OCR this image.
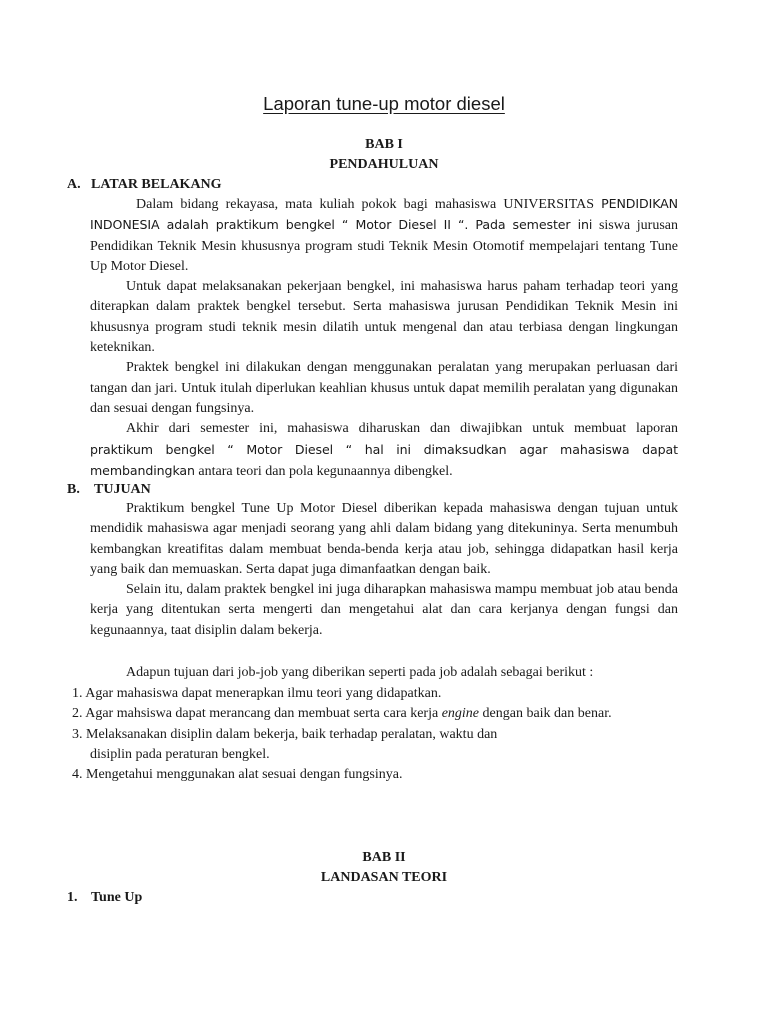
Laporan tune-up motor diesel
BAB I
PENDAHULUAN
A. LATAR BELAKANG

Dalam bidang rekayasa, mata kuliah pokok bagi mahasiswa UNIVERSITAS PENDIDIKAN INDONESIA adalah praktikum bengkel “ Motor Diesel II “. Pada semester ini siswa jurusan Pendidikan Teknik Mesin khususnya program studi Teknik Mesin Otomotif mempelajari tentang Tune Up Motor Diesel.

Untuk dapat melaksanakan pekerjaan bengkel, ini mahasiswa harus paham terhadap teori yang diterapkan dalam praktek bengkel tersebut. Serta mahasiswa jurusan Pendidikan Teknik Mesin ini khususnya program studi teknik mesin dilatih untuk mengenal dan atau terbiasa dengan lingkungan keteknikan.

Praktek bengkel ini dilakukan dengan menggunakan peralatan yang merupakan perluasan dari tangan dan jari. Untuk itulah diperlukan keahlian khusus untuk dapat memilih peralatan yang digunakan dan sesuai dengan fungsinya.

Akhir dari semester ini, mahasiswa diharuskan dan diwajibkan untuk membuat laporan praktikum bengkel “ Motor Diesel “ hal ini dimaksudkan agar mahasiswa dapat membandingkan antara teori dan pola kegunaannya dibengkel.

B. TUJUAN

Praktikum bengkel Tune Up Motor Diesel diberikan kepada mahasiswa dengan tujuan untuk mendidik mahasiswa agar menjadi seorang yang ahli dalam bidang yang ditekuninya. Serta menumbuh kembangkan kreatifitas dalam membuat benda-benda kerja atau job, sehingga didapatkan hasil kerja yang baik dan memuaskan. Serta dapat juga dimanfaatkan dengan baik.

Selain itu, dalam praktek bengkel ini juga diharapkan mahasiswa mampu membuat job atau benda kerja yang ditentukan serta mengerti dan mengetahui alat dan cara kerjanya dengan fungsi dan kegunaannya, taat disiplin dalam bekerja.

Adapun tujuan dari job-job yang diberikan seperti pada job adalah sebagai berikut :
1. Agar mahasiswa dapat menerapkan ilmu teori yang didapatkan.
2. Agar mahsiswa dapat merancang dan membuat serta cara kerja engine dengan baik dan benar.
3. Melaksanakan disiplin dalam bekerja, baik terhadap peralatan, waktu dan
disiplin pada peraturan bengkel.
4. Mengetahui menggunakan alat sesuai dengan fungsinya.
BAB II
LANDASAN TEORI
1. Tune Up
